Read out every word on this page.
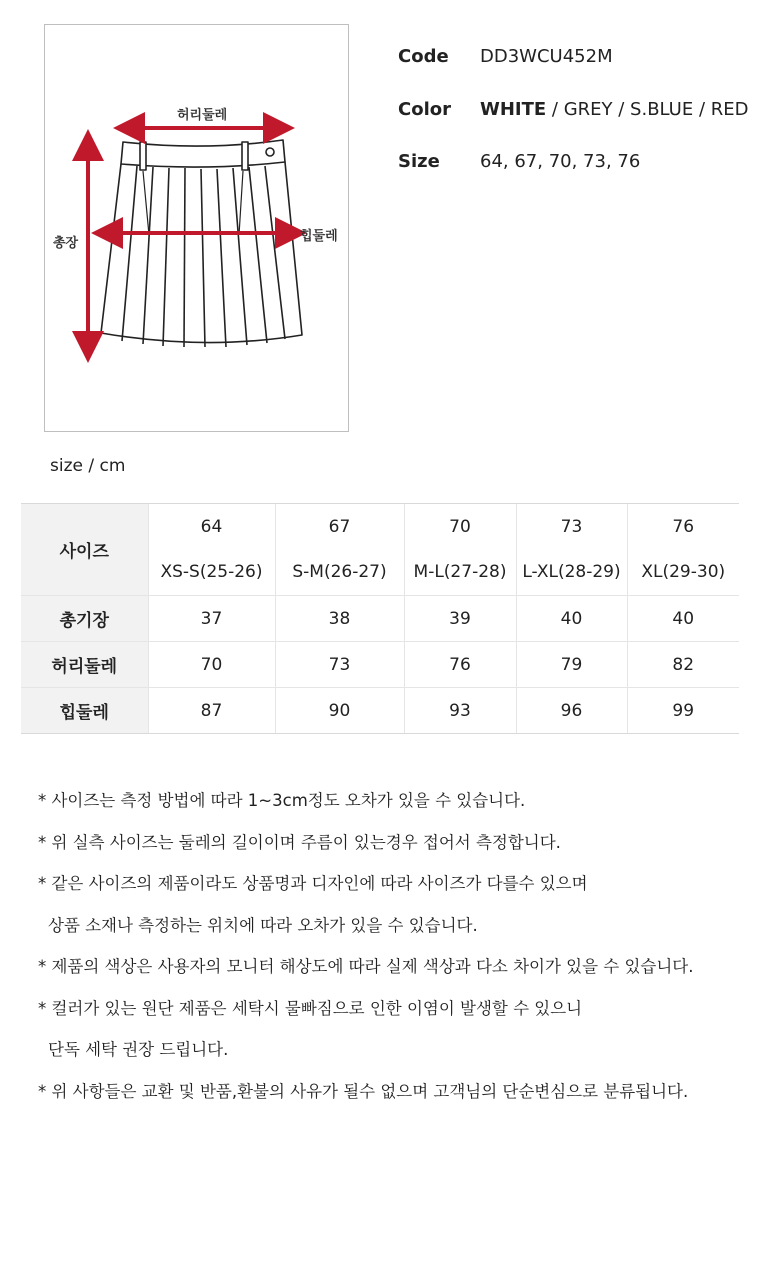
허리둘레
힙둘레
총장
Code DD3WCU452M
Color WHITE / GREY / S.BLUE / RED
Size 64, 67, 70, 73, 76
size / cm
사이즈	64	67	70	73	76
	XS-S(25-26)	S-M(26-27)	M-L(27-28)	L-XL(28-29)	XL(29-30)
총기장	37	38	39	40	40
허리둘레	70	73	76	79	82
힙둘레	87	90	93	96	99
* 사이즈는 측정 방법에 따라 1~3cm정도 오차가 있을 수 있습니다.
* 위 실측 사이즈는 둘레의 길이이며 주름이 있는경우 접어서 측정합니다.
* 같은 사이즈의 제품이라도 상품명과 디자인에 따라 사이즈가 다를수 있으며
상품 소재나 측정하는 위치에 따라 오차가 있을 수 있습니다.
* 제품의 색상은 사용자의 모니터 해상도에 따라 실제 색상과 다소 차이가 있을 수 있습니다.
* 컬러가 있는 원단 제품은 세탁시 물빠짐으로 인한 이염이 발생할 수 있으니
단독 세탁 권장 드립니다.
* 위 사항들은 교환 및 반품,환불의 사유가 될수 없으며 고객님의 단순변심으로 분류됩니다.
